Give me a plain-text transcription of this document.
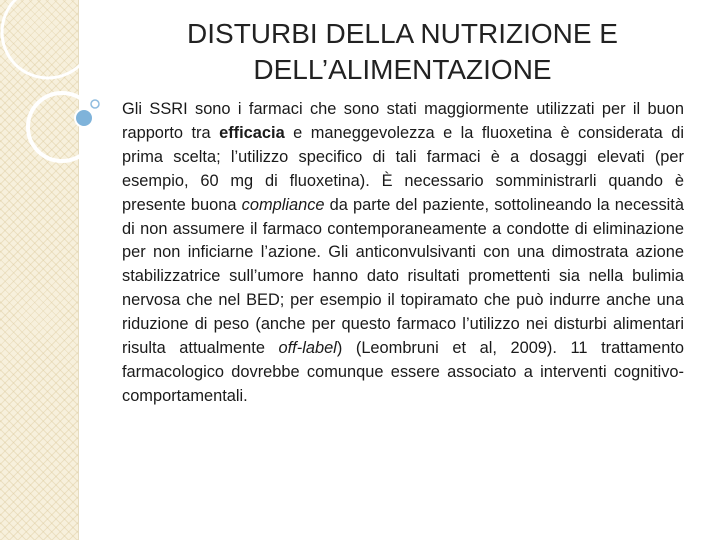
DISTURBI DELLA NUTRIZIONE E
DELL’ALIMENTAZIONE

Gli SSRI sono i farmaci che sono stati maggiormente utilizzati per il buon rapporto tra efficacia e maneggevolezza e la fluoxetina è considerata di prima scelta; l’utilizzo specifico di tali farmaci è a dosaggi elevati (per esempio, 60 mg di fluoxetina). È necessario somministrarli quando è presente buona compliance da parte del paziente, sottolineando la necessità di non assumere il farmaco contemporaneamente a condotte di eliminazione per non inficiarne l’azione. Gli anticonvulsivanti con una dimostrata azione stabilizzatrice sull’umore hanno dato risultati promettenti sia nella bulimia nervosa che nel BED; per esempio il topiramato che può indurre anche una riduzione di peso (anche per questo farmaco l’utilizzo nei disturbi alimentari risulta attualmente off-label) (Leombruni et al, 2009). 11 trattamento farmacologico dovrebbe comunque essere associato a interventi cognitivo-comportamentali.
